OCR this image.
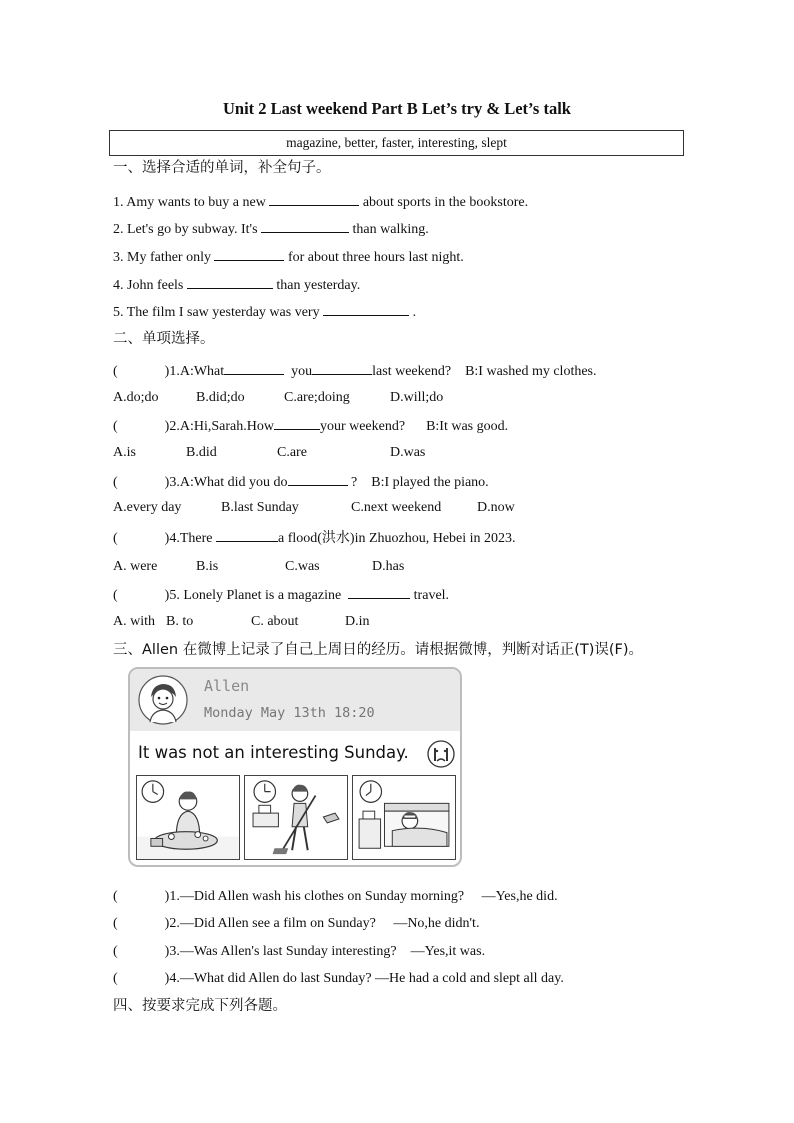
Unit 2 Last weekend Part B Let’s try & Let’s talk
magazine, better, faster, interesting, slept
一、选择合适的单词，补全句子。
1. Amy wants to buy a new	about sports in the bookstore.
2. Let's go by subway. It's	than walking.
3. My father only	for about three hours last night.
4. John feels	than yesterday.
5. The film I saw yesterday was very	.
二、单项选择。
(	)1.A:What	you	last weekend? B:I washed my clothes.
A.do;do	B.did;do	C.are;doing	D.will;do
(	)2.A:Hi,Sarah.How	your weekend? B:It was good.
A.is	B.did	C.are	D.was
(	)3.A:What did you do	? B:I played the piano.
A.every day	B.last Sunday	C.next weekend	D.now
(	)4.There	a flood(洪水)in Zhuozhou, Hebei in 2023.
A. were	B.is	C.was	D.has
(	)5. Lonely Planet is a magazine	travel.
A. with B. to	C. about	D.in
三、Allen 在微博上记录了自己上周日的经历。请根据微博，判断对话正(T)误(F)。
Allen
Monday May 13th 18:20
It was not an interesting Sunday.
(	)1.—Did Allen wash his clothes on Sunday morning? —Yes,he did.
(	)2.—Did Allen see a film on Sunday? —No,he didn't.
(	)3.—Was Allen's last Sunday interesting? —Yes,it was.
(	)4.—What did Allen do last Sunday? —He had a cold and slept all day.
四、按要求完成下列各题。
